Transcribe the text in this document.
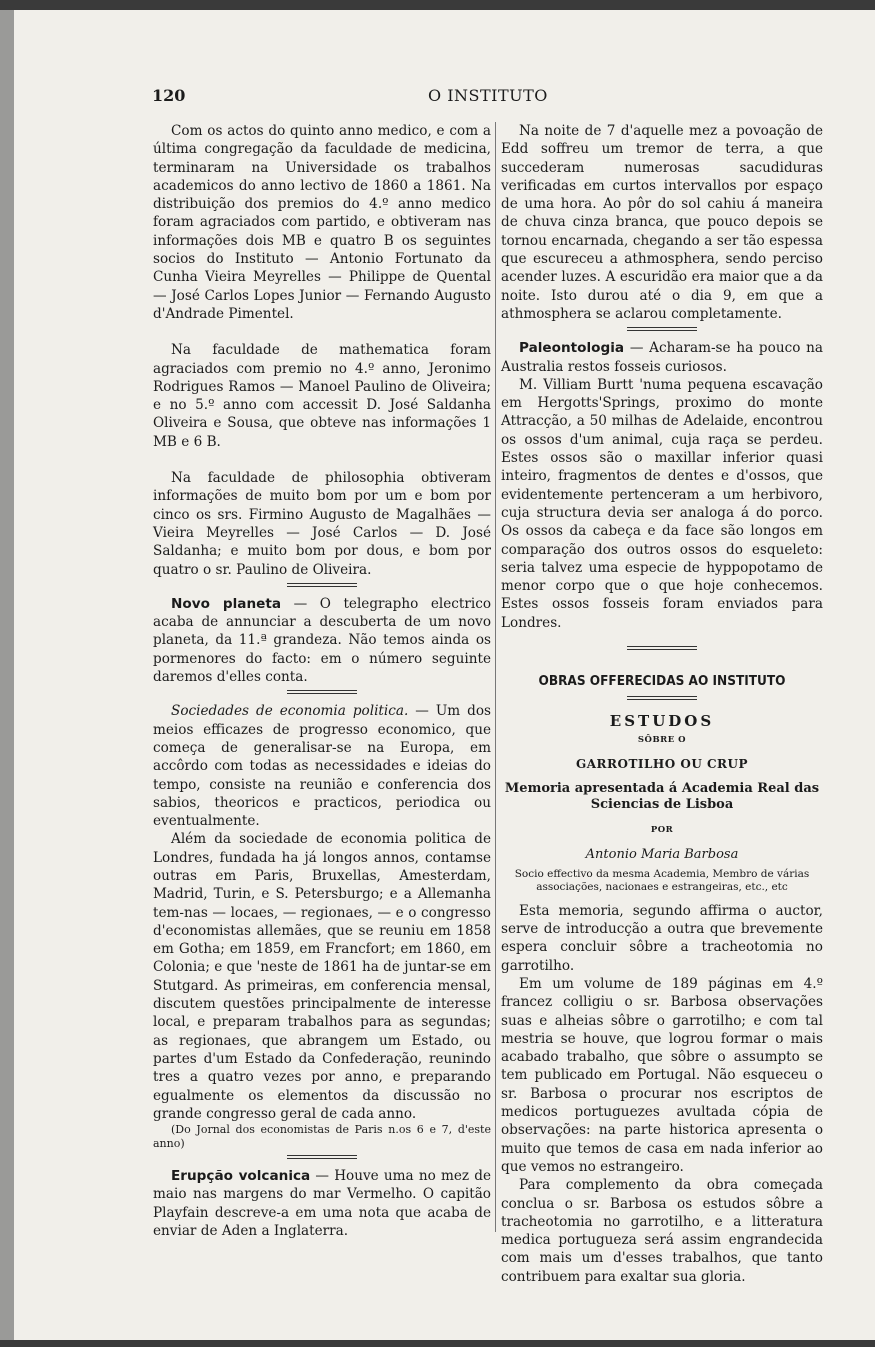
120	O INSTITUTO

Com os actos do quinto anno medico, e com a última congregação da faculdade de medicina, terminaram na Universidade os trabalhos academicos do anno lectivo de 1860 a 1861. Na distribuição dos premios do 4.º anno medico foram agraciados com partido, e obtiveram nas informações dois MB e quatro B os seguintes socios do Instituto — Antonio Fortunato da Cunha Vieira Meyrelles — Philippe de Quental — José Carlos Lopes Junior — Fernando Augusto d'Andrade Pimentel.

Na faculdade de mathematica foram agraciados com premio no 4.º anno, Jeronimo Rodrigues Ramos — Manoel Paulino de Oliveira; e no 5.º anno com accessit D. José Saldanha Oliveira e Sousa, que obteve nas informações 1 MB e 6 B.

Na faculdade de philosophia obtiveram informações de muito bom por um e bom por cinco os srs. Firmino Augusto de Magalhães — Vieira Meyrelles — José Carlos — D. José Saldanha; e muito bom por dous, e bom por quatro o sr. Paulino de Oliveira.

Novo planeta — O telegrapho electrico acaba de annunciar a descuberta de um novo planeta, da 11.ª grandeza. Não temos ainda os pormenores do facto: em o número seguinte daremos d'elles conta.

Sociedades de economia politica. — Um dos meios efficazes de progresso economico, que começa de generalisar-se na Europa, em accôrdo com todas as necessidades e ideias do tempo, consiste na reunião e conferencia dos sabios, theoricos e practicos, periodica ou eventualmente.

Além da sociedade de economia politica de Londres, fundada ha já longos annos, contamse outras em Paris, Bruxellas, Amesterdam, Madrid, Turin, e S. Petersburgo; e a Allemanha tem-nas — locaes, — regionaes, — e o congresso d'economistas allemães, que se reuniu em 1858 em Gotha; em 1859, em Francfort; em 1860, em Colonia; e que 'neste de 1861 ha de juntar-se em Stutgard. As primeiras, em conferencia mensal, discutem questões principalmente de interesse local, e preparam trabalhos para as segundas; as regionaes, que abrangem um Estado, ou partes d'um Estado da Confederação, reunindo tres a quatro vezes por anno, e preparando egualmente os elementos da discussão no grande congresso geral de cada anno.

(Do Jornal dos economistas de Paris n.os 6 e 7, d'este anno)

Erupção volcanica — Houve uma no mez de maio nas margens do mar Vermelho. O capitão Playfain descreve-a em uma nota que acaba de enviar de Aden a Inglaterra.

Na noite de 7 d'aquelle mez a povoação de Edd soffreu um tremor de terra, a que succederam numerosas sacudiduras verificadas em curtos intervallos por espaço de uma hora. Ao pôr do sol cahiu á maneira de chuva cinza branca, que pouco depois se tornou encarnada, chegando a ser tão espessa que escureceu a athmosphera, sendo perciso acender luzes. A escuridão era maior que a da noite. Isto durou até o dia 9, em que a athmosphera se aclarou completamente.

Paleontologia — Acharam-se ha pouco na Australia restos fosseis curiosos.

M. Villiam Burtt 'numa pequena escavação em Hergotts'Springs, proximo do monte Attracção, a 50 milhas de Adelaide, encontrou os ossos d'um animal, cuja raça se perdeu. Estes ossos são o maxillar inferior quasi inteiro, fragmentos de dentes e d'ossos, que evidentemente pertenceram a um herbivoro, cuja structura devia ser analoga á do porco. Os ossos da cabeça e da face são longos em comparação dos outros ossos do esqueleto: seria talvez uma especie de hyppopotamo de menor corpo que o que hoje conhecemos. Estes ossos fosseis foram enviados para Londres.

OBRAS OFFERECIDAS AO INSTITUTO
ESTUDOS
SÔBRE O
GARROTILHO OU CRUP
Memoria apresentada á Academia Real das Sciencias de Lisboa
POR
Antonio Maria Barbosa
Socio effectivo da mesma Academia, Membro de várias associações, nacionaes e estrangeiras, etc., etc

Esta memoria, segundo affirma o auctor, serve de introducção a outra que brevemente espera concluir sôbre a tracheotomia no garrotilho.

Em um volume de 189 páginas em 4.º francez colligiu o sr. Barbosa observações suas e alheias sôbre o garrotilho; e com tal mestria se houve, que logrou formar o mais acabado trabalho, que sôbre o assumpto se tem publicado em Portugal. Não esqueceu o sr. Barbosa o procurar nos escriptos de medicos portuguezes avultada cópia de observações: na parte historica apresenta o muito que temos de casa em nada inferior ao que vemos no estrangeiro.

Para complemento da obra começada conclua o sr. Barbosa os estudos sôbre a tracheotomia no garrotilho, e a litteratura medica portugueza será assim engrandecida com mais um d'esses trabalhos, que tanto contribuem para exaltar sua gloria.
